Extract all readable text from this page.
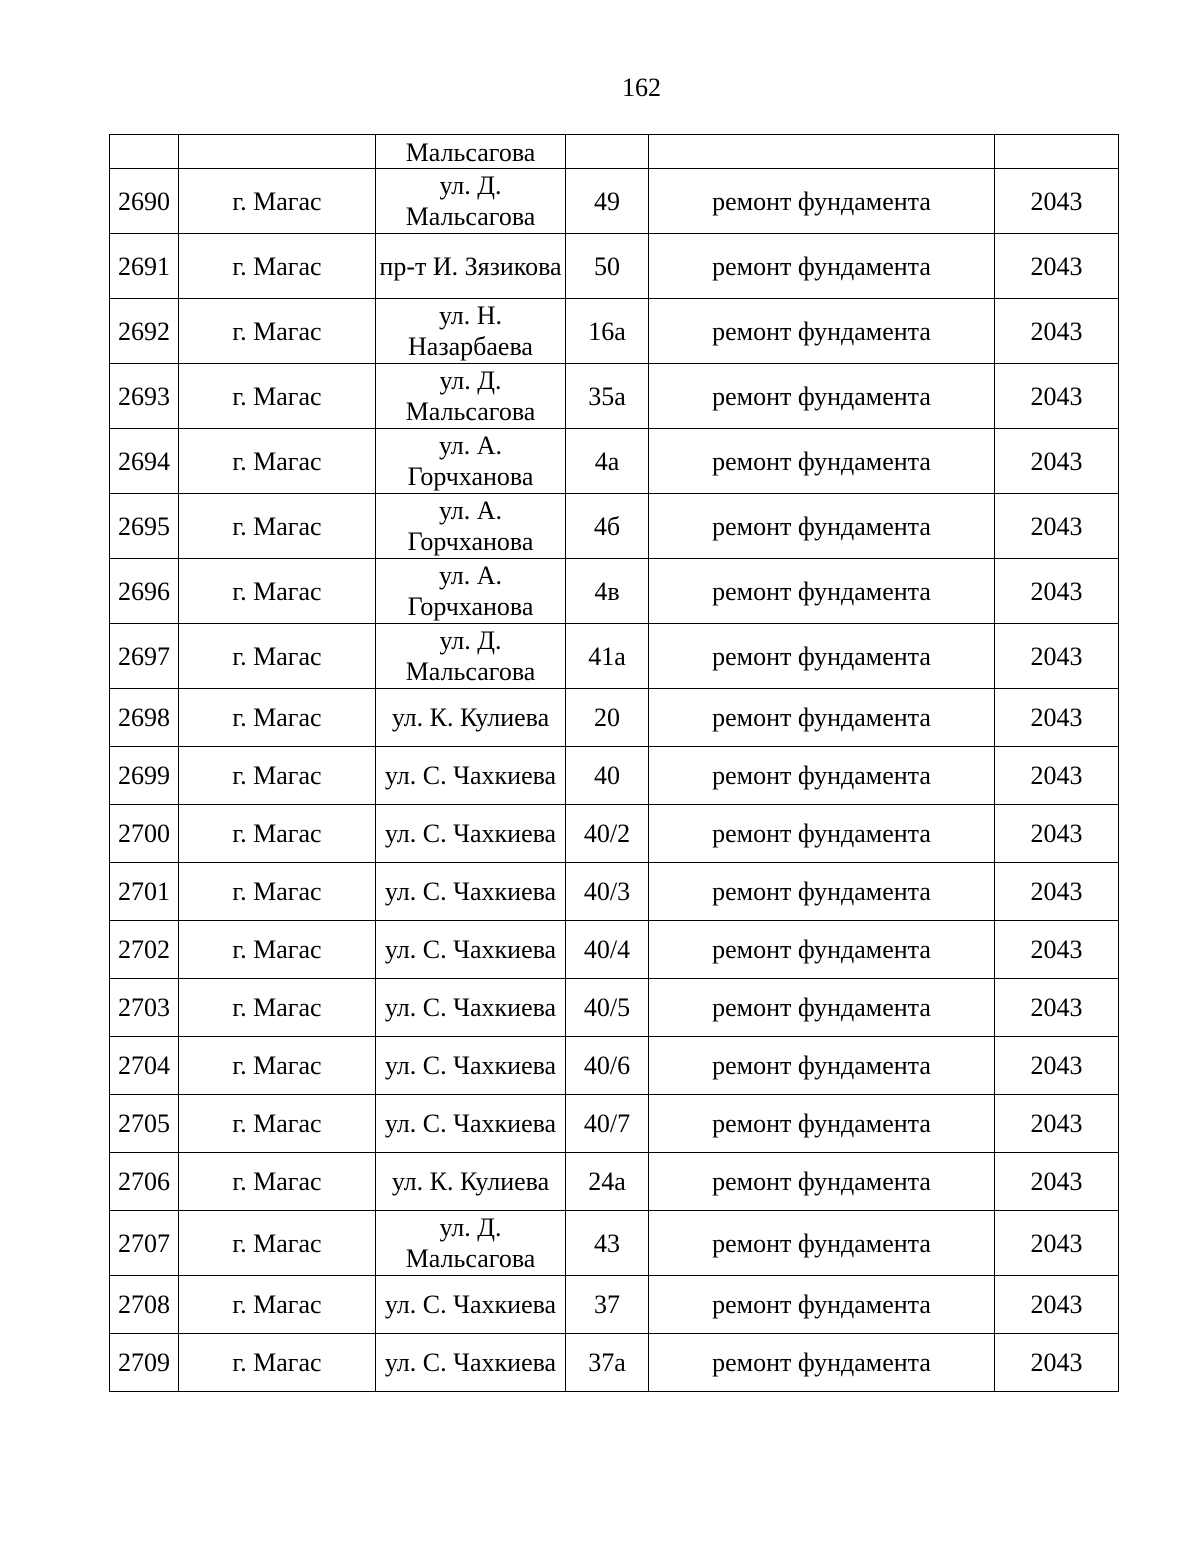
162
		Мальсагова			
2690	г. Магас	ул. Д. Мальсагова	49	ремонт фундамента	2043
2691	г. Магас	пр-т И. Зязикова	50	ремонт фундамента	2043
2692	г. Магас	ул. Н. Назарбаева	16а	ремонт фундамента	2043
2693	г. Магас	ул. Д. Мальсагова	35а	ремонт фундамента	2043
2694	г. Магас	ул. А. Горчханова	4а	ремонт фундамента	2043
2695	г. Магас	ул. А. Горчханова	4б	ремонт фундамента	2043
2696	г. Магас	ул. А. Горчханова	4в	ремонт фундамента	2043
2697	г. Магас	ул. Д. Мальсагова	41а	ремонт фундамента	2043
2698	г. Магас	ул. К. Кулиева	20	ремонт фундамента	2043
2699	г. Магас	ул. С. Чахкиева	40	ремонт фундамента	2043
2700	г. Магас	ул. С. Чахкиева	40/2	ремонт фундамента	2043
2701	г. Магас	ул. С. Чахкиева	40/3	ремонт фундамента	2043
2702	г. Магас	ул. С. Чахкиева	40/4	ремонт фундамента	2043
2703	г. Магас	ул. С. Чахкиева	40/5	ремонт фундамента	2043
2704	г. Магас	ул. С. Чахкиева	40/6	ремонт фундамента	2043
2705	г. Магас	ул. С. Чахкиева	40/7	ремонт фундамента	2043
2706	г. Магас	ул. К. Кулиева	24а	ремонт фундамента	2043
2707	г. Магас	ул. Д. Мальсагова	43	ремонт фундамента	2043
2708	г. Магас	ул. С. Чахкиева	37	ремонт фундамента	2043
2709	г. Магас	ул. С. Чахкиева	37а	ремонт фундамента	2043
